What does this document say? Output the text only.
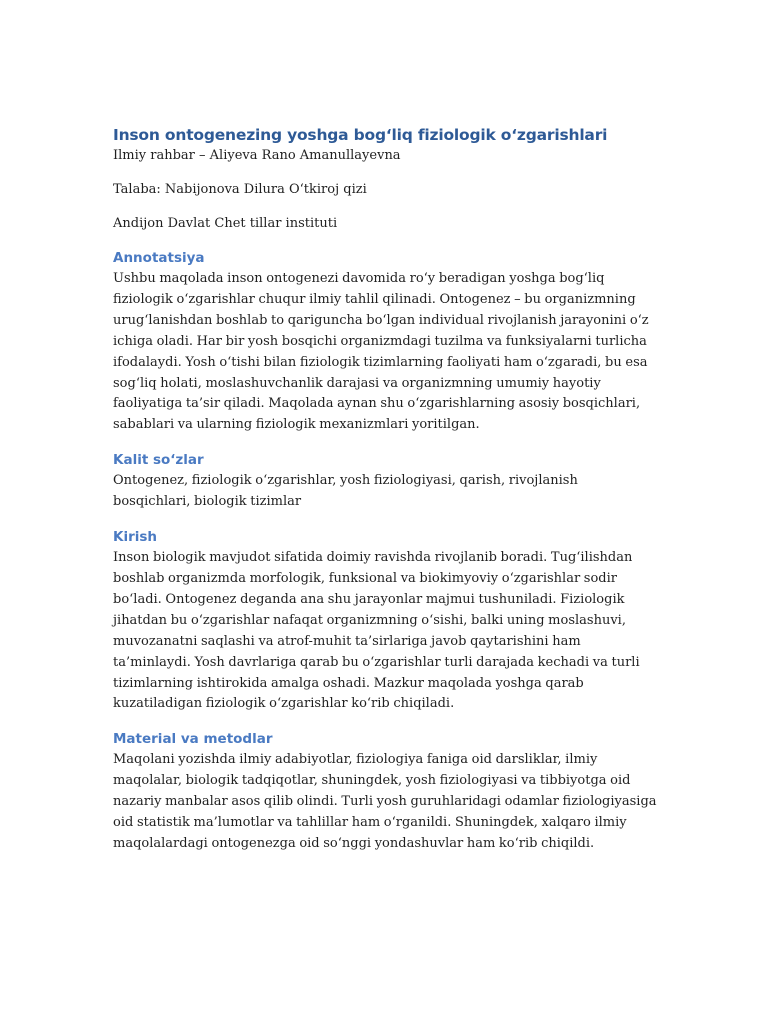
Inson ontogenezing yoshga bog‘liq fiziologik o‘zgarishlari

Ilmiy rahbar – Aliyeva Rano Amanullayevna

Talaba: Nabijonova Dilura O‘tkiroj qizi

Andijon Davlat Chet tillar instituti

Annotatsiya

Ushbu maqolada inson ontogenezi davomida ro‘y beradigan yoshga bog‘liq fiziologik o‘zgarishlar chuqur ilmiy tahlil qilinadi. Ontogenez – bu organizmning urug‘lanishdan boshlab to qariguncha bo‘lgan individual rivojlanish jarayonini o‘z ichiga oladi. Har bir yosh bosqichi organizmdagi tuzilma va funksiyalarni turlicha ifodalaydi. Yosh o‘tishi bilan fiziologik tizimlarning faoliyati ham o‘zgaradi, bu esa sog‘liq holati, moslashuvchanlik darajasi va organizmning umumiy hayotiy faoliyatiga ta’sir qiladi. Maqolada aynan shu o‘zgarishlarning asosiy bosqichlari, sabablari va ularning fiziologik mexanizmlari yoritilgan.

Kalit so‘zlar

Ontogenez, fiziologik o‘zgarishlar, yosh fiziologiyasi, qarish, rivojlanish bosqichlari, biologik tizimlar

Kirish

Inson biologik mavjudot sifatida doimiy ravishda rivojlanib boradi. Tug‘ilishdan boshlab organizmda morfologik, funksional va biokimyoviy o‘zgarishlar sodir bo‘ladi. Ontogenez deganda ana shu jarayonlar majmui tushuniladi. Fiziologik jihatdan bu o‘zgarishlar nafaqat organizmning o‘sishi, balki uning moslashuvi, muvozanatni saqlashi va atrof-muhit ta’sirlariga javob qaytarishini ham ta’minlaydi. Yosh davrlariga qarab bu o‘zgarishlar turli darajada kechadi va turli tizimlarning ishtirokida amalga oshadi. Mazkur maqolada yoshga qarab kuzatiladigan fiziologik o‘zgarishlar ko‘rib chiqiladi.

Material va metodlar

Maqolani yozishda ilmiy adabiyotlar, fiziologiya faniga oid darsliklar, ilmiy maqolalar, biologik tadqiqotlar, shuningdek, yosh fiziologiyasi va tibbiyotga oid nazariy manbalar asos qilib olindi. Turli yosh guruhlaridagi odamlar fiziologiyasiga oid statistik ma’lumotlar va tahlillar ham o‘rganildi. Shuningdek, xalqaro ilmiy maqolalardagi ontogenezga oid so‘nggi yondashuvlar ham ko‘rib chiqildi.
